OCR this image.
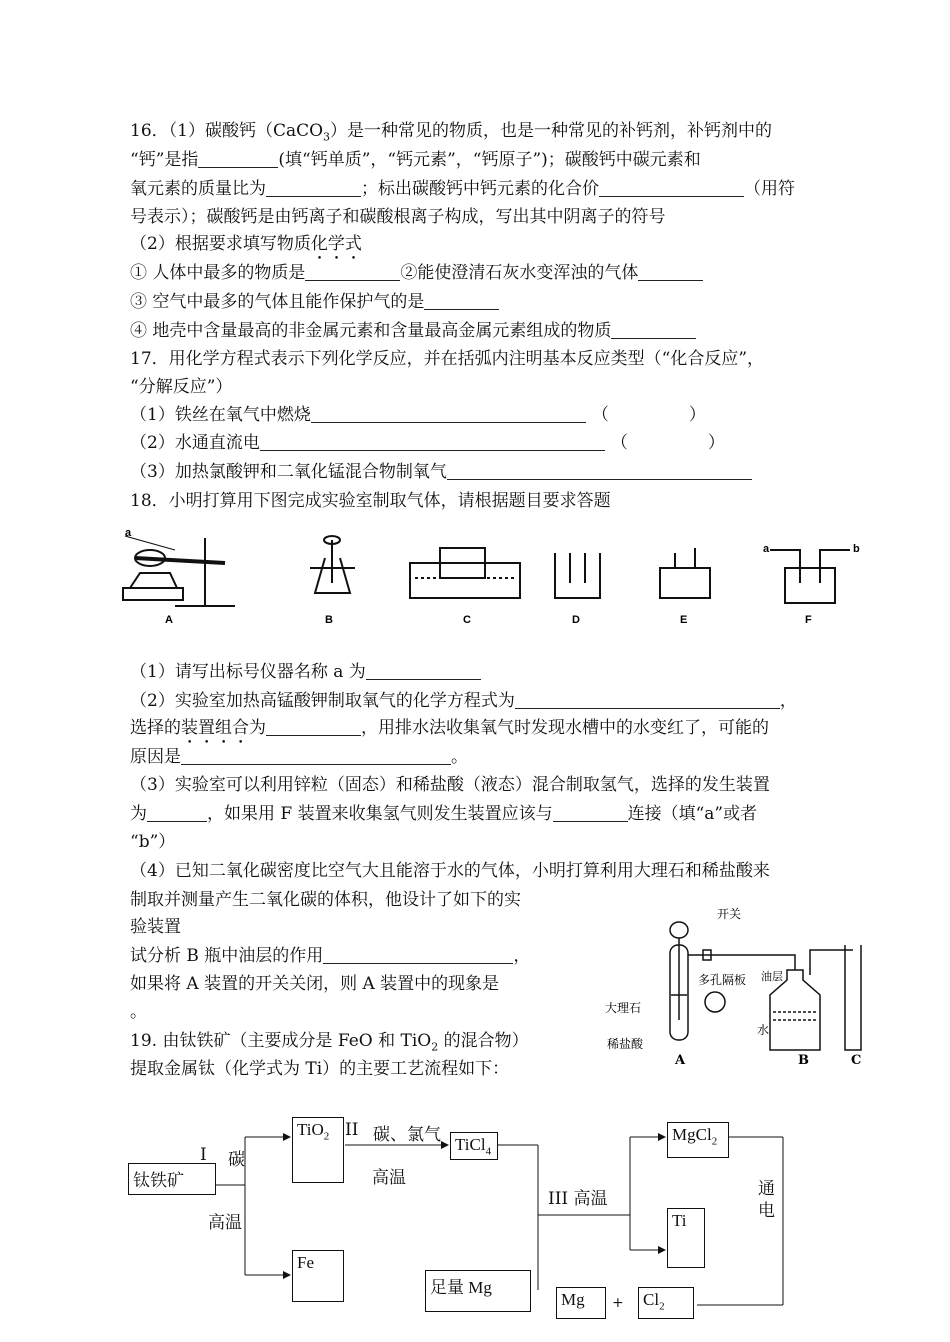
16．（1）碳酸钙（CaCO$_3$）是一种常见的物质，也是一种常见的补钙剂，补钙剂中的
“钙”是指	(填“钙单质”，“钙元素”，“钙原子”)；碳酸钙中碳元素和
氧元素的质量比为	；标出碳酸钙中钙元素的化合价	（用符
号表示）；碳酸钙是由钙离子和碳酸根离子构成，写出其中阴离子的符号
（2）根据要求填写物质化学式
① 人体中最多的物质是	②能使澄清石灰水变浑浊的气体
③ 空气中最多的气体且能作保护气的是
④ 地壳中含量最高的非金属元素和含量最高金属元素组成的物质
17．用化学方程式表示下列化学反应，并在括弧内注明基本反应类型（“化合反应”，
“分解反应”）
（1）铁丝在氧气中燃烧	（	）
（2）水通直流电	（	）
（3）加热氯酸钾和二氧化锰混合物制氧气
18．小明打算用下图完成实验室制取气体，请根据题目要求答题
a
a	b
A	B	C	D	E	F
（1）请写出标号仪器名称 a 为
（2）实验室加热高锰酸钾制取氧气的化学方程式为	，
选择的装置组合为	，用排水法收集氧气时发现水槽中的水变红了，可能的
原因是	。
（3）实验室可以利用锌粒（固态）和稀盐酸（液态）混合制取氢气，选择的发生装置
为	，如果用 F 装置来收集氢气则发生装置应该与	连接（填“a”或者
“b”）
（4）已知二氧化碳密度比空气大且能溶于水的气体，小明打算利用大理石和稀盐酸来
制取并测量产生二氧化碳的体积，他设计了如下的实
验装置
试分析 B 瓶中油层的作用	，
如果将 A 装置的开关关闭，则 A 装置中的现象是
。
开关
多孔隔板 油层
大理石
水
稀盐酸
A	B	C
19. 由钛铁矿（主要成分是 FeO 和 TiO$_2$ 的混合物）
提取金属钛（化学式为 Ti）的主要工艺流程如下：
钛铁矿
I 碳
高温
TiO$_2$ II 碳、氯气
高温
TiCl$_4$
III 高温
Fe
足量 Mg
MgCl$_2$
Ti
通
电
Mg	+ $Cl_2$
